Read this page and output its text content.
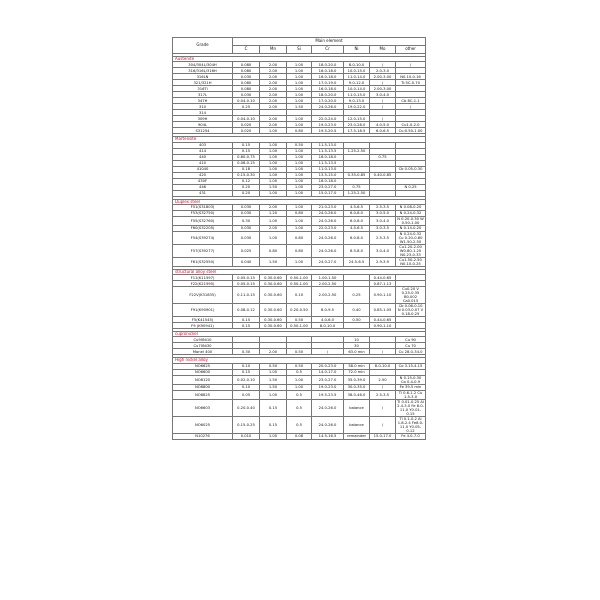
Grade	Main element						
	C	Mn	Si	Cr	Ni	Mo	other

Austenite							
304/304L/304H	0.080	2.00	1.00	18.0-20.0	8.0-10.0	/	/
316/316L/316H	0.080	2.00	1.00	16.0-18.0	10.0-15.0	2.0-3.0	
316LN	0.030	2.00	1.00	16.0-18.0	11.0-14.0	2.00-3.00	N0.10-0.16
321/321H	0.080	2.00	1.00	17.0-19.0	9.0-12.0	/	Ti:5C-0.70
316Ti	0.080	2.00	1.00	16.0-18.0	10.0-14.0	2.00-3.00	
317L	0.030	2.00	1.00	18.0-20.0	11.0-15.0	3.0-4.0	
347H	0.04-0.10	2.00	1.00	17.0-20.0	9.0-13.0	/	Cb 8C-1.1
310	0.25	2.00	1.50	24.0-26.0	19.0-22.0	/	/
314							
309H	0.04-0.10	2.00	1.00	22.0-24.0	12.0-15.0	/	
904L	0.020	2.00	1.00	19.0-23.0	23.0-28.0	4.0-5.0	Cu1.0-2.0
S31254	0.020	1.00	0.80	19.5-20.5	17.5-18.5	6.0-6.5	Cu:0.50-1.00

Martensite							
403	0.15	1.00	0.50	11.5-13.0			
414	0.15	1.00	1.00	11.5-13.5	1.25-2.50		
440	0.60-0.75	1.00	1.00	16.0-18.0		0.75	
410	0.08-0.15	1.00	1.00	11.5-13.5			
41040	0.18	1.00	1.00	11.0-13.0			Cb 0.05-0.30
420	0.15-0.30	1.00	1.00	13.5-15.0	0.35-0.85	0.40-0.85	
430F	0.12	1.00	1.00	16.0-18.0			
446	0.20	1.50	1.00	23.0-27.0	0.75		N 0.25
431	0.20	1.00	1.00	15.0-17.0	1.25-2.50		

Duplex steel							
F51(S31803)	0.030	2.00	1.00	21.0-23.0	4.5-6.5	2.5-3.5	N 0.08-0.20
F53(S32750)	0.030	1.20	0.80	24.0-26.0	6.0-8.0	3.0-5.0	N 0.24-0.32
F55(S32760)	0.30	1.00	1.00	24.0-26.0	6.0-8.0	3.0-4.0	N 0.20-0.30 W 0.50-1.00
F60(S32205)	0.030	2.00	1.00	22.0-23.0	4.5-6.5	3.0-3.5	N 0.14-0.20
F54(S39274)	0.030	1.00	0.80	24.0-26.0	6.0-8.0	2.5-3.5	N 0.24-0.32 Cu 0.20-0.80 W1.50-2.50
F57(S39277)	0.025	0.80	0.80	24.0-26.0	6.5-8.0	3.0-4.0	Cu1.20-2.00 W0.80-1.20 N0.23-0.33
F61(S32550)	0.040	1.50	1.00	24.0-27.0	24.5-6.5	2.9-3.9	Cu1.50-2.50 N0.10-0.25

structural alloy steel							
F11(K11597)	0.05-0.15	0.30-0.60	0.50-1.00	1.00-1.50		0.44-0.65	
F22(K21590)	0.05-0.15	0.30-0.60	0.50-1.00	2.00-2.50		0.87-1.13	
F22V(K31835)	0.11-0.15	0.30-0.60	0.10	2.00-2.50	0.25	0.90-1.10	Cu0.20 V 0.25-0.35 B0.002 Ca0.015
F91(K90901)	0.08-0.12	0.30-0.60	0.20-0.50	8.0-9.5	0.40	0.85-1.05	Cb 0.06-0.10 N 0.03-0.07 V 0.18-0.25
F5(K41545)	0.15	0.30-0.60	0.50	4.0-6.0	0.50	0.44-0.65	
F9 (K90941)	0.15	0.30-0.60	0.50-1.00	8.0-10.0		0.90-1.10	

cupronickel							
Cu90Ni10					10		Cu 90
Cu70Ni30					30		Cu 70
Monel 400	0.30	2.00	0.50	/	63.0 min	/	Cu 28.0-34.0

High nickel alloy							
NO6625	0.10	0.50	0.50	20.0-23.0	58.0 min	8.0-10.0	Co 3.15-4.15
NO6600	0.15	1.00	0.5	14.0-17.0	72.0 min		
NO8120	0.02-0.10	1.50	1.00	23.0-27.0	35.0-39.0	2.50	N 0.15-0.30 Co 0.4-0.9
NO8800	0.10	1.50	1.00	19.0-23.0	30.0-35.0	/	Fe 39.5 min
NO8825	0.05	1.00	0.5	19.5-23.5	38.0-46.0	2.5-3.5	Ti 0.6-1.2 Cu 1.5-3.0
NO6603	0.20-0.40	0.15	0.5	24.0-26.0	balance	/	Ti 0.01-0.25 Al 2.4-3.0 Fe 8.0-11.0 Y0.01-0.15
NO6025	0.15-0.25	0.15	0.5	24.0-26.0	balance	/	Ti 0.1-0.2 Al 1.8-2.4 Fe8.0-11.0 Y0.05-0.12
N10276	0.010	1.00	0.08	14.5-16.5	remainder	15.0-17.0	Fe 4.0-7.0
